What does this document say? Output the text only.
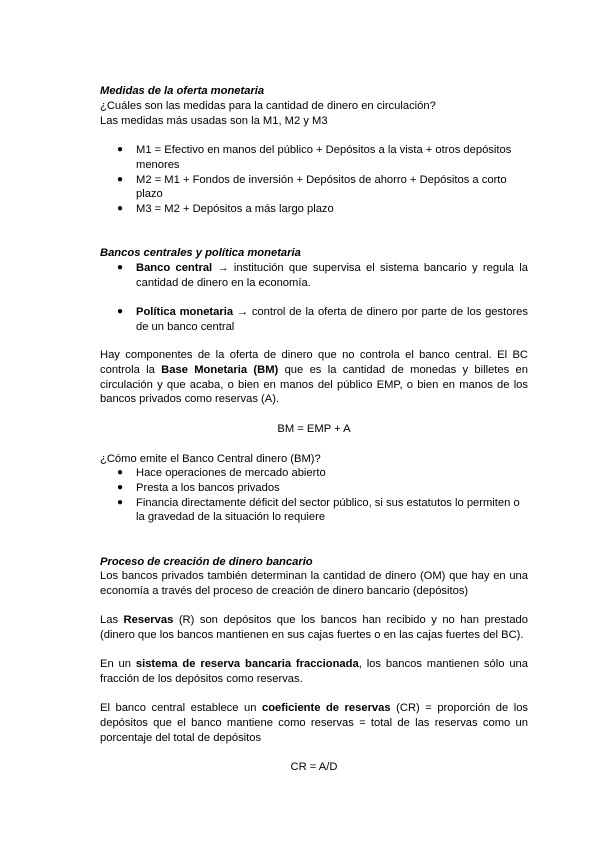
Medidas de la oferta monetaria

¿Cuáles son las medidas para la cantidad de dinero en circulación?

Las medidas más usadas son la M1, M2 y M3

● M1 = Efectivo en manos del público + Depósitos a la vista + otros depósitos menores
● M2 = M1 + Fondos de inversión + Depósitos de ahorro + Depósitos a corto plazo
● M3 = M2 + Depósitos a más largo plazo

Bancos centrales y política monetaria

● Banco central → institución que supervisa el sistema bancario y regula la cantidad de dinero en la economía.
● Política monetaria → control de la oferta de dinero por parte de los gestores de un banco central

Hay componentes de la oferta de dinero que no controla el banco central. El BC controla la Base Monetaria (BM) que es la cantidad de monedas y billetes en circulación y que acaba, o bien en manos del público EMP, o bien en manos de los bancos privados como reservas (A).

BM = EMP + A

¿Cómo emite el Banco Central dinero (BM)?

● Hace operaciones de mercado abierto
● Presta a los bancos privados
● Financia directamente déficit del sector público, si sus estatutos lo permiten o la gravedad de la situación lo requiere

Proceso de creación de dinero bancario

Los bancos privados también determinan la cantidad de dinero (OM) que hay en una economía a través del proceso de creación de dinero bancario (depósitos)

Las Reservas (R) son depósitos que los bancos han recibido y no han prestado (dinero que los bancos mantienen en sus cajas fuertes o en las cajas fuertes del BC).

En un sistema de reserva bancaria fraccionada, los bancos mantienen sólo una fracción de los depósitos como reservas.

El banco central establece un coeficiente de reservas (CR) = proporción de los depósitos que el banco mantiene como reservas = total de las reservas como un porcentaje del total de depósitos

CR = A/D
